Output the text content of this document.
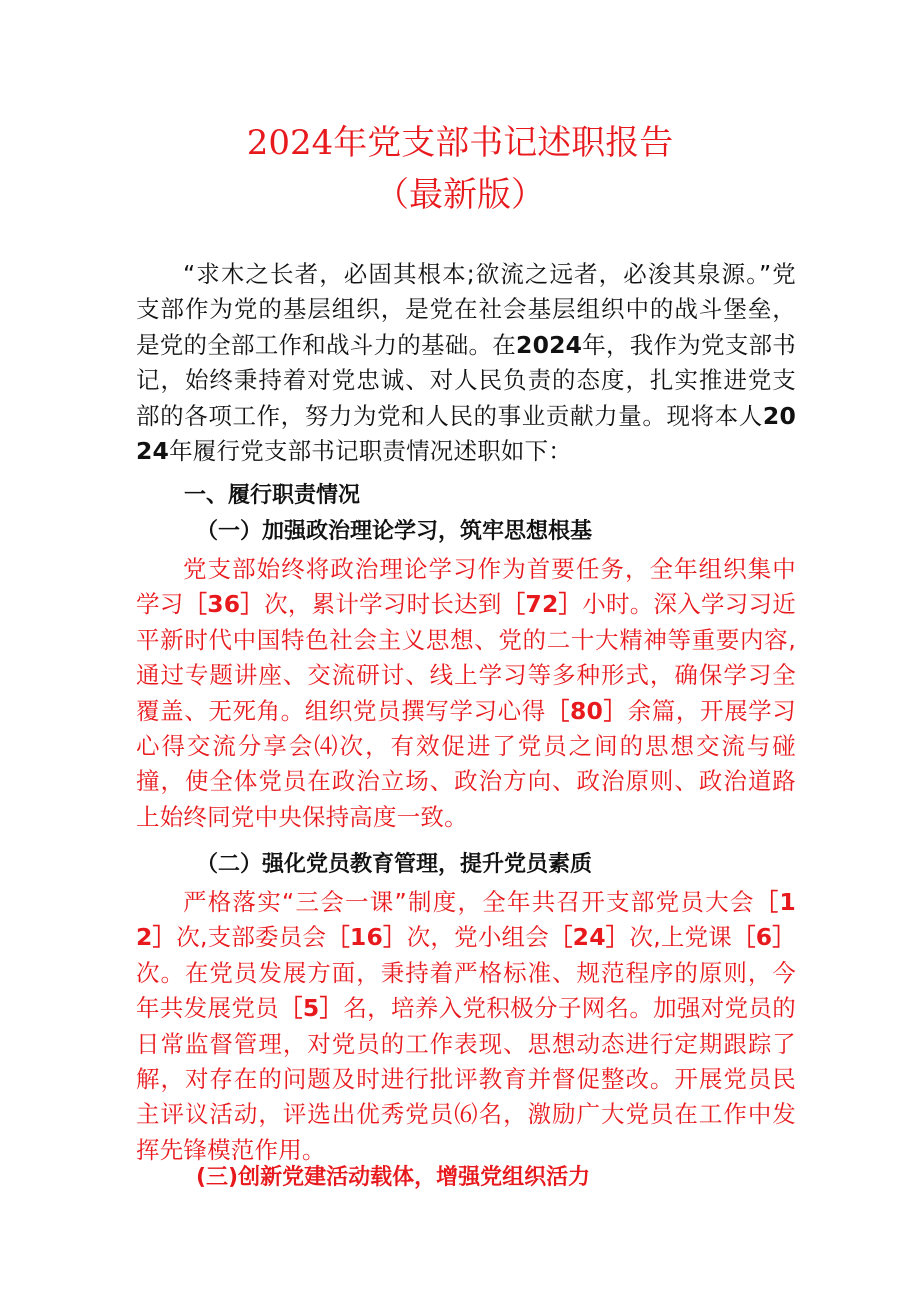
2024年党支部书记述职报告
（最新版）

“求木之长者，必固其根本;欲流之远者，必浚其泉源。”党支部作为党的基层组织，是党在社会基层组织中的战斗堡垒，是党的全部工作和战斗力的基础。在2024年，我作为党支部书记，始终秉持着对党忠诚、对人民负责的态度，扎实推进党支部的各项工作，努力为党和人民的事业贡献力量。现将本人2024年履行党支部书记职责情况述职如下：

一、履行职责情况
（一）加强政治理论学习，筑牢思想根基

党支部始终将政治理论学习作为首要任务，全年组织集中学习［36］次，累计学习时长达到［72］小时。深入学习习近平新时代中国特色社会主义思想、党的二十大精神等重要内容,通过专题讲座、交流研讨、线上学习等多种形式，确保学习全覆盖、无死角。组织党员撰写学习心得［80］余篇，开展学习心得交流分享会⑷次，有效促进了党员之间的思想交流与碰撞，使全体党员在政治立场、政治方向、政治原则、政治道路上始终同党中央保持高度一致。

（二）强化党员教育管理，提升党员素质

严格落实“三会一课”制度，全年共召开支部党员大会［12］次,支部委员会［16］次，党小组会［24］次,上党课［6］次。在党员发展方面，秉持着严格标准、规范程序的原则，今年共发展党员［5］名，培养入党积极分子网名。加强对党员的日常监督管理，对党员的工作表现、思想动态进行定期跟踪了解，对存在的问题及时进行批评教育并督促整改。开展党员民主评议活动，评选出优秀党员⑹名，激励广大党员在工作中发挥先锋模范作用。

(三)创新党建活动载体，增强党组织活力
